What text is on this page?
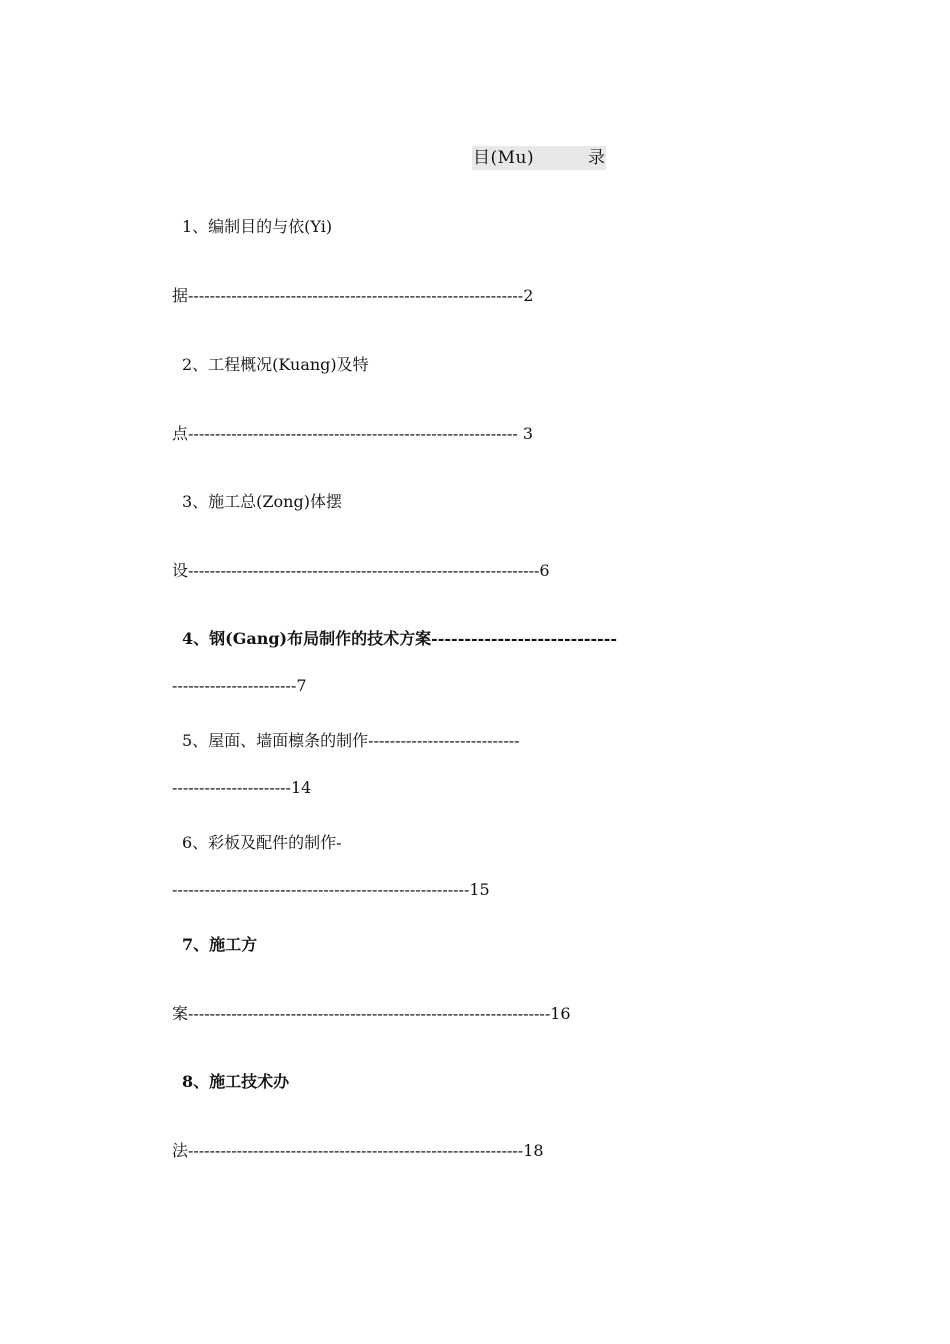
目(Mu)	录
1、编制目的与依(Yi)
据--------------------------------------------------------------2
2、工程概况(Kuang)及特
点------------------------------------------------------------- 3
3、施工总(Zong)体摆
设-----------------------------------------------------------------6
4、钢(Gang)布局制作的技术方案----------------------------
-----------------------7
5、屋面、墙面檩条的制作----------------------------
----------------------14
6、彩板及配件的制作-
-------------------------------------------------------15
7、施工方
案-------------------------------------------------------------------16
8、施工技术办
法--------------------------------------------------------------18
